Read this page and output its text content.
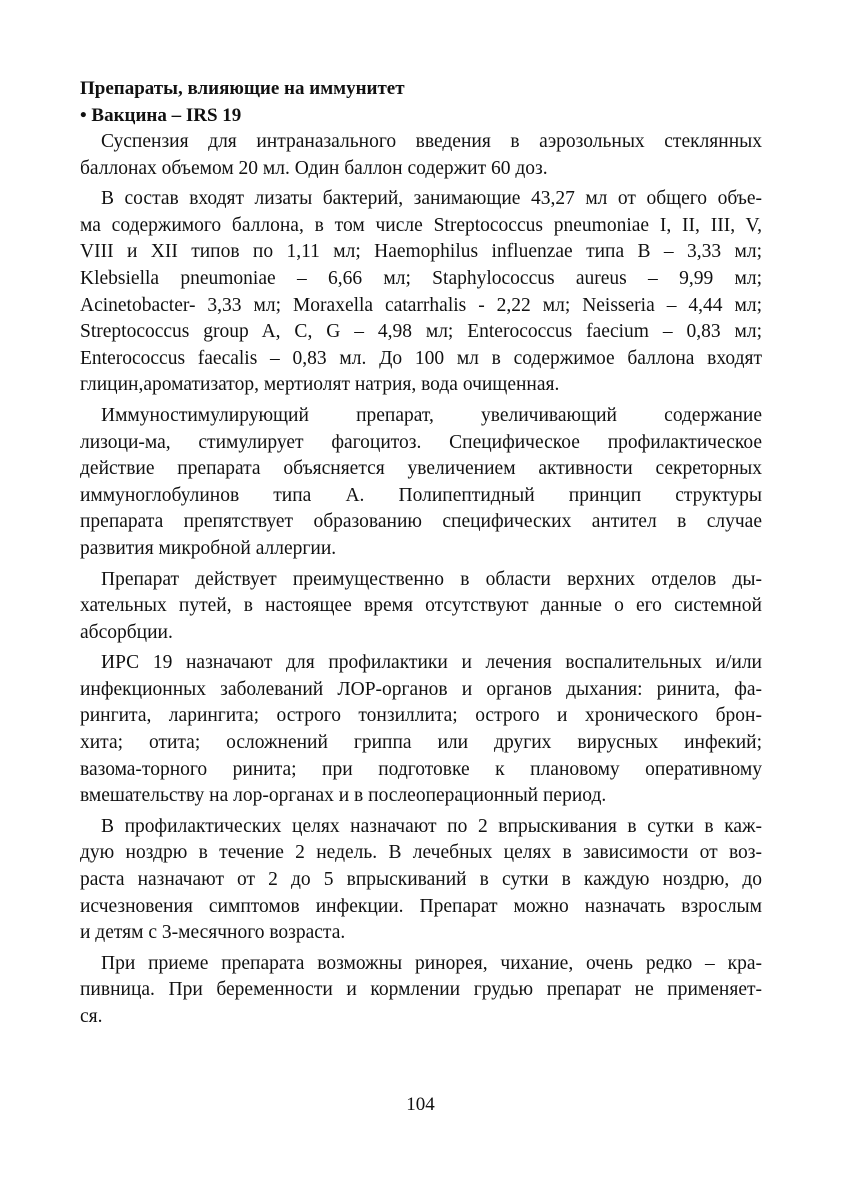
Препараты, влияющие на иммунитет

• Вакцина – IRS 19

Суспензия для интраназального введения в аэрозольных стеклянных
баллонах объемом 20 мл. Один баллон содержит 60 доз.

В состав входят лизаты бактерий, занимающие 43,27 мл от общего объе-
ма содержимого баллона, в том числе Streptococcus pneumoniae I, II, III, V,
VIII и XII типов по 1,11 мл; Haemophilus influenzae типа B – 3,33 мл;
Klebsiella pneumoniae – 6,66 мл; Staphylococcus aureus – 9,99 мл;
Acinetobacter- 3,33 мл; Moraxella catarrhalis - 2,22 мл; Neisseria – 4,44 мл;
Streptococcus group A, C, G – 4,98 мл; Enterococcus faecium – 0,83 мл;
Enterococcus faecalis – 0,83 мл. До 100 мл в содержимое баллона входят
глицин,ароматизатор, мертиолят натрия, вода очищенная.

Иммуностимулирующий препарат, увеличивающий содержание
лизоци-ма, стимулирует фагоцитоз. Специфическое профилактическое
действие препарата объясняется увеличением активности секреторных
иммуноглобулинов типа А. Полипептидный принцип структуры
препарата препятствует образованию специфических антител в случае
развития микробной аллергии.

Препарат действует преимущественно в области верхних отделов ды-
хательных путей, в настоящее время отсутствуют данные о его системной
абсорбции.

ИРС 19 назначают для профилактики и лечения воспалительных и/или
инфекционных заболеваний ЛОР-органов и органов дыхания: ринита, фа-
рингита, ларингита; острого тонзиллита; острого и хронического брон-
хита; отита; осложнений гриппа или других вирусных инфекий;
вазома-торного ринита; при подготовке к плановому оперативному
вмешательству на лор-органах и в послеоперационный период.

В профилактических целях назначают по 2 впрыскивания в сутки в каж-
дую ноздрю в течение 2 недель. В лечебных целях в зависимости от воз-
раста назначают от 2 до 5 впрыскиваний в сутки в каждую ноздрю, до
исчезновения симптомов инфекции. Препарат можно назначать взрослым
и детям с 3-месячного возраста.

При приеме препарата возможны ринорея, чихание, очень редко – кра-
пивница. При беременности и кормлении грудью препарат не применяет-
ся.

104
